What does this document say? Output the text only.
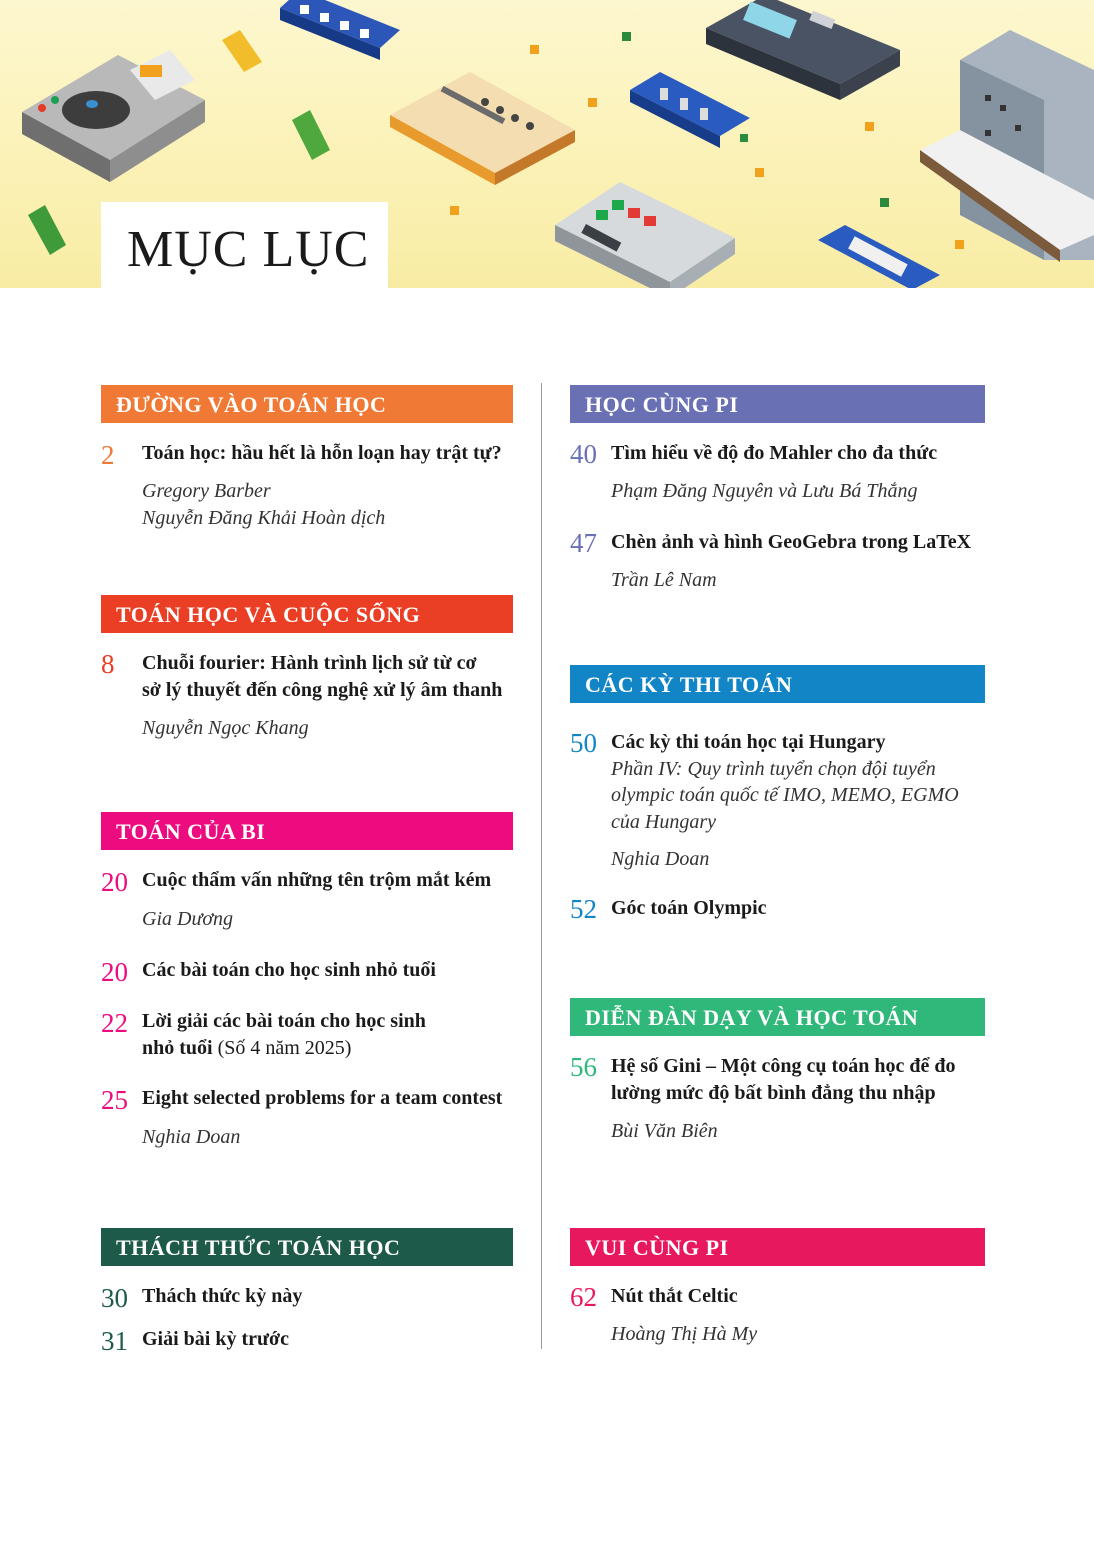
MỤC LỤC
ĐƯỜNG VÀO TOÁN HỌC
2 Toán học: hầu hết là hỗn loạn hay trật tự?
Gregory Barber
Nguyễn Đăng Khải Hoàn dịch
TOÁN HỌC VÀ CUỘC SỐNG
8 Chuỗi fourier: Hành trình lịch sử từ cơ
sở lý thuyết đến công nghệ xử lý âm thanh
Nguyễn Ngọc Khang
TOÁN CỦA BI
20 Cuộc thẩm vấn những tên trộm mắt kém
Gia Dương
20 Các bài toán cho học sinh nhỏ tuổi
22 Lời giải các bài toán cho học sinh
nhỏ tuổi (Số 4 năm 2025)
25 Eight selected problems for a team contest
Nghia Doan
THÁCH THỨC TOÁN HỌC
30 Thách thức kỳ này
31 Giải bài kỳ trước
HỌC CÙNG PI
40 Tìm hiểu về độ đo Mahler cho đa thức
Phạm Đăng Nguyên và Lưu Bá Thắng
47 Chèn ảnh và hình GeoGebra trong LaTeX
Trần Lê Nam
CÁC KỲ THI TOÁN
50 Các kỳ thi toán học tại Hungary
Phần IV: Quy trình tuyển chọn đội tuyển
olympic toán quốc tế IMO, MEMO, EGMO
của Hungary
Nghia Doan
52 Góc toán Olympic
DIỄN ĐÀN DẠY VÀ HỌC TOÁN
56 Hệ số Gini – Một công cụ toán học để đo
lường mức độ bất bình đẳng thu nhập
Bùi Văn Biên
VUI CÙNG PI
62 Nút thắt Celtic
Hoàng Thị Hà My
